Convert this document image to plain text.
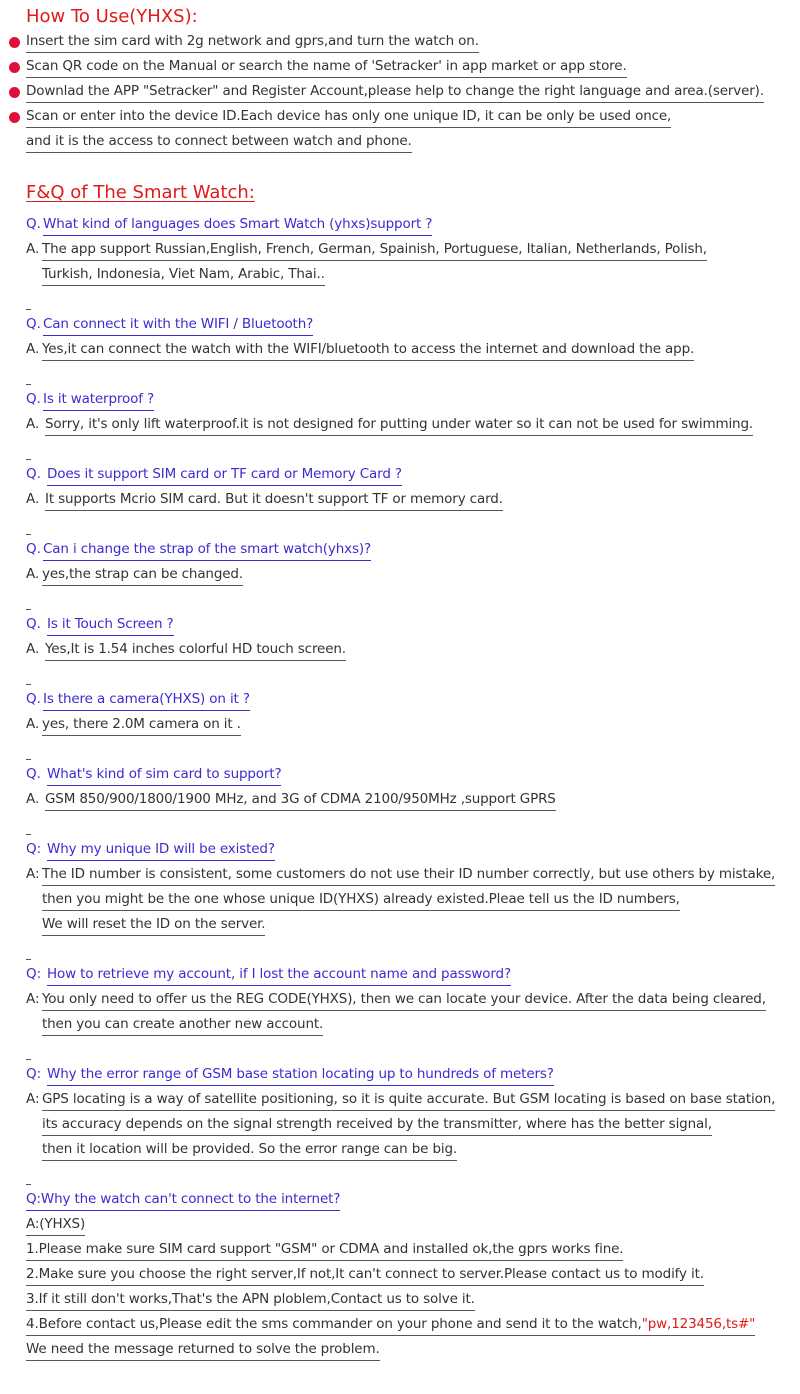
How To Use(YHXS):
Insert the sim card with 2g network and gprs,and turn the watch on.
Scan QR code on the Manual or search the name of 'Setracker' in app market or app store.
Downlad the APP "Setracker" and Register Account,please help to change the right language and area.(server).
Scan or enter into the device ID.Each device has only one unique ID, it can be only be used once,
and it is the access to connect between watch and phone.
F&Q of The Smart Watch:
Q. What kind of languages does Smart Watch (yhxs)support ?
A. The app support Russian,English, French, German, Spainish, Portuguese, Italian, Netherlands, Polish,
Turkish, Indonesia, Viet Nam, Arabic, Thai..
Q. Can connect it with the WIFI / Bluetooth?
A. Yes,it can connect the watch with the WIFI/bluetooth to access the internet and download the app.
Q. Is it waterproof ?
A. Sorry, it's only lift waterproof.it is not designed for putting under water so it can not be used for swimming.
Q. Does it support SIM card or TF card or Memory Card ?
A. It supports Mcrio SIM card. But it doesn't support TF or memory card.
Q. Can i change the strap of the smart watch(yhxs)?
A. yes,the strap can be changed.
Q. Is it Touch Screen ?
A. Yes,It is 1.54 inches colorful HD touch screen.
Q. Is there a camera(YHXS) on it ?
A. yes, there 2.0M camera on it .
Q. What's kind of sim card to support?
A. GSM 850/900/1800/1900 MHz, and 3G of CDMA 2100/950MHz ,support GPRS
Q: Why my unique ID will be existed?
A: The ID number is consistent, some customers do not use their ID number correctly, but use others by mistake,
then you might be the one whose unique ID(YHXS) already existed.Pleae tell us the ID numbers,
We will reset the ID on the server.
Q: How to retrieve my account, if I lost the account name and password?
A: You only need to offer us the REG CODE(YHXS), then we can locate your device. After the data being cleared,
then you can create another new account.
Q: Why the error range of GSM base station locating up to hundreds of meters?
A: GPS locating is a way of satellite positioning, so it is quite accurate. But GSM locating is based on base station,
its accuracy depends on the signal strength received by the transmitter, where has the better signal,
then it location will be provided. So the error range can be big.
Q:Why the watch can't connect to the internet?
A:(YHXS)
1.Please make sure SIM card support "GSM" or CDMA and installed ok,the gprs works fine.
2.Make sure you choose the right server,If not,It can't connect to server.Please contact us to modify it.
3.If it still don't works,That's the APN ploblem,Contact us to solve it.
4.Before contact us,Please edit the sms commander on your phone and send it to the watch,"pw,123456,ts#"
We need the message returned to solve the problem.
